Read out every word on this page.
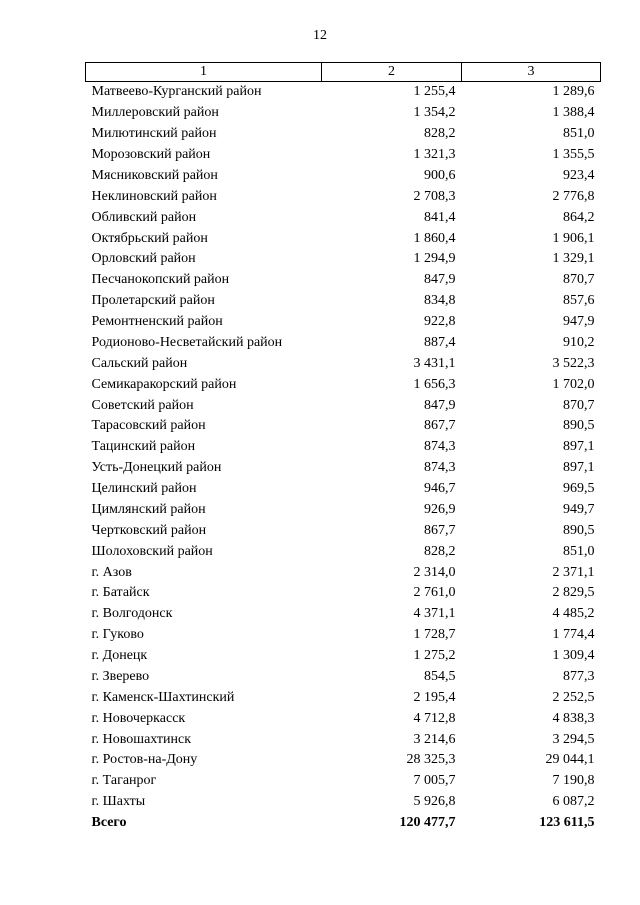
12
1	2	3
Матвеево-Курганский район	1 255,4	1 289,6
Миллеровский район	1 354,2	1 388,4
Милютинский район	828,2	851,0
Морозовский район	1 321,3	1 355,5
Мясниковский район	900,6	923,4
Неклиновский район	2 708,3	2 776,8
Обливский район	841,4	864,2
Октябрьский район	1 860,4	1 906,1
Орловский район	1 294,9	1 329,1
Песчанокопский район	847,9	870,7
Пролетарский район	834,8	857,6
Ремонтненский район	922,8	947,9
Родионово-Несветайский район	887,4	910,2
Сальский район	3 431,1	3 522,3
Семикаракорский район	1 656,3	1 702,0
Советский район	847,9	870,7
Тарасовский район	867,7	890,5
Тацинский район	874,3	897,1
Усть-Донецкий район	874,3	897,1
Целинский район	946,7	969,5
Цимлянский район	926,9	949,7
Чертковский район	867,7	890,5
Шолоховский район	828,2	851,0
г. Азов	2 314,0	2 371,1
г. Батайск	2 761,0	2 829,5
г. Волгодонск	4 371,1	4 485,2
г. Гуково	1 728,7	1 774,4
г. Донецк	1 275,2	1 309,4
г. Зверево	854,5	877,3
г. Каменск-Шахтинский	2 195,4	2 252,5
г. Новочеркасск	4 712,8	4 838,3
г. Новошахтинск	3 214,6	3 294,5
г. Ростов-на-Дону	28 325,3	29 044,1
г. Таганрог	7 005,7	7 190,8
г. Шахты	5 926,8	6 087,2
Всего	120 477,7	123 611,5
